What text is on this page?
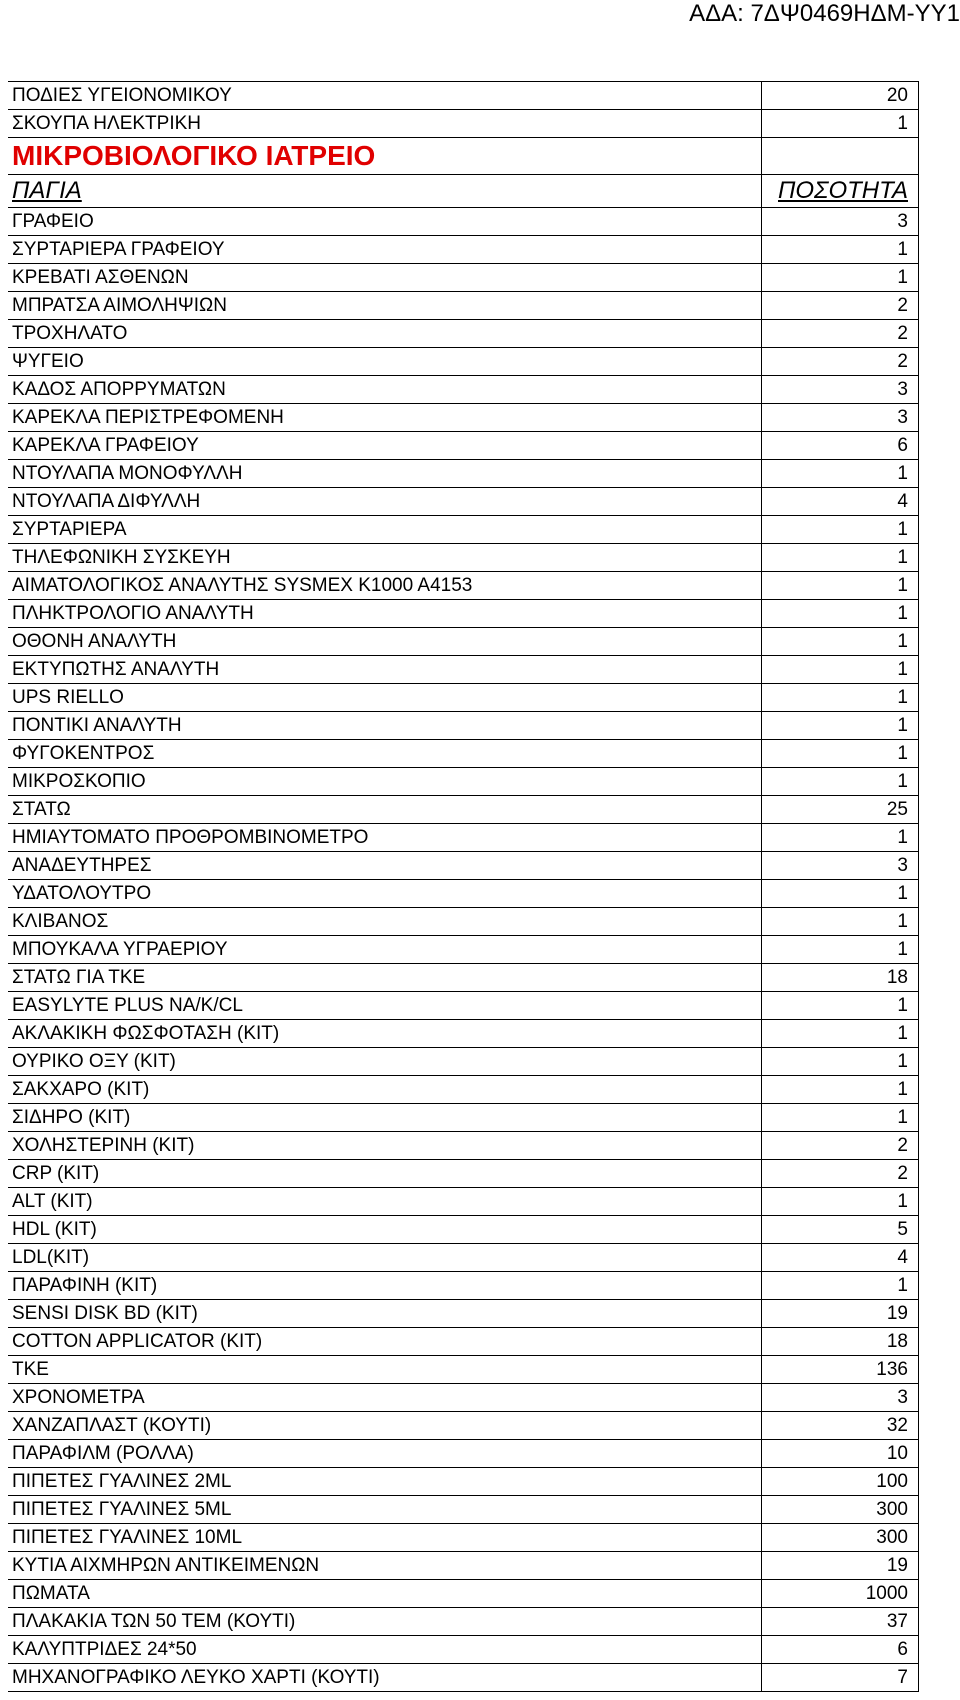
ΑΔΑ: 7ΔΨ0469ΗΔΜ-ΥΥ1
ΠΟΔΙΕΣ ΥΓΕΙΟΝΟΜΙΚΟΥ	20
ΣΚΟΥΠΑ ΗΛΕΚΤΡΙΚΗ	1
ΜΙΚΡΟΒΙΟΛΟΓΙΚΟ ΙΑΤΡΕΙΟ	
ΠΑΓΙΑ	ΠΟΣΟΤΗΤΑ
ΓΡΑΦΕΙΟ	3
ΣΥΡΤΑΡΙΕΡΑ ΓΡΑΦΕΙΟΥ	1
ΚΡΕΒΑΤΙ ΑΣΘΕΝΩΝ	1
ΜΠΡΑΤΣΑ ΑΙΜΟΛΗΨΙΩΝ	2
ΤΡΟΧΗΛΑΤΟ	2
ΨΥΓΕΙΟ	2
ΚΑΔΟΣ ΑΠΟΡΡΥΜΑΤΩΝ	3
ΚΑΡΕΚΛΑ ΠΕΡΙΣΤΡΕΦΟΜΕΝΗ	3
ΚΑΡΕΚΛΑ ΓΡΑΦΕΙΟΥ	6
ΝΤΟΥΛΑΠΑ ΜΟΝΟΦΥΛΛΗ	1
ΝΤΟΥΛΑΠΑ ΔΙΦΥΛΛΗ	4
ΣΥΡΤΑΡΙΕΡΑ	1
ΤΗΛΕΦΩΝΙΚΗ ΣΥΣΚΕΥΗ	1
ΑΙΜΑΤΟΛΟΓΙΚΟΣ ΑΝΑΛΥΤΗΣ SYSMEX K1000 A4153	1
ΠΛΗΚΤΡΟΛΟΓΙΟ ΑΝΑΛΥΤΗ	1
ΟΘΟΝΗ ΑΝΑΛΥΤΗ	1
ΕΚΤΥΠΩΤΗΣ ΑΝΑΛΥΤΗ	1
UPS RIELLO	1
ΠΟΝΤΙΚΙ ΑΝΑΛΥΤΗ	1
ΦΥΓΟΚΕΝΤΡΟΣ	1
ΜΙΚΡΟΣΚΟΠΙΟ	1
ΣΤΑΤΩ	25
ΗΜΙΑΥΤΟΜΑΤΟ ΠΡΟΘΡΟΜΒΙΝΟΜΕΤΡΟ	1
ΑΝΑΔΕΥΤΗΡΕΣ	3
ΥΔΑΤΟΛΟΥΤΡΟ	1
ΚΛΙΒΑΝΟΣ	1
ΜΠΟΥΚΑΛΑ ΥΓΡΑΕΡΙΟΥ	1
ΣΤΑΤΩ ΓΙΑ ΤΚΕ	18
EASYLYTE PLUS NA/K/CL	1
ΑΚΛΑΚΙΚΗ ΦΩΣΦΟΤΑΣΗ (KIT)	1
ΟΥΡΙΚΟ ΟΞΥ (KIT)	1
ΣΑΚΧΑΡΟ (KIT)	1
ΣΙΔΗΡΟ (KIT)	1
ΧΟΛΗΣΤΕΡΙΝΗ (KIT)	2
CRP (KIT)	2
ALT (KIT)	1
HDL (KIT)	5
LDL(KIT)	4
ΠΑΡΑΦΙΝΗ (KIT)	1
SENSI DISK BD (KIT)	19
COTTON APPLICATOR (KIT)	18
ΤΚΕ	136
ΧΡΟΝΟΜΕΤΡΑ	3
ΧΑΝΖΑΠΛΑΣΤ (ΚΟΥΤΙ)	32
ΠΑΡΑΦΙΛΜ (ΡΟΛΛΑ)	10
ΠΙΠΕΤΕΣ ΓΥΑΛΙΝΕΣ 2ML	100
ΠΙΠΕΤΕΣ ΓΥΑΛΙΝΕΣ 5ML	300
ΠΙΠΕΤΕΣ ΓΥΑΛΙΝΕΣ 10ML	300
ΚΥΤΙΑ ΑΙΧΜΗΡΩΝ ΑΝΤΙΚΕΙΜΕΝΩΝ	19
ΠΩΜΑΤΑ	1000
ΠΛΑΚΑΚΙΑ ΤΩΝ 50 ΤΕΜ (ΚΟΥΤΙ)	37
ΚΑΛΥΠΤΡΙΔΕΣ 24*50	6
ΜΗΧΑΝΟΓΡΑΦΙΚΟ ΛΕΥΚΟ ΧΑΡΤΙ (ΚΟΥΤΙ)	7
